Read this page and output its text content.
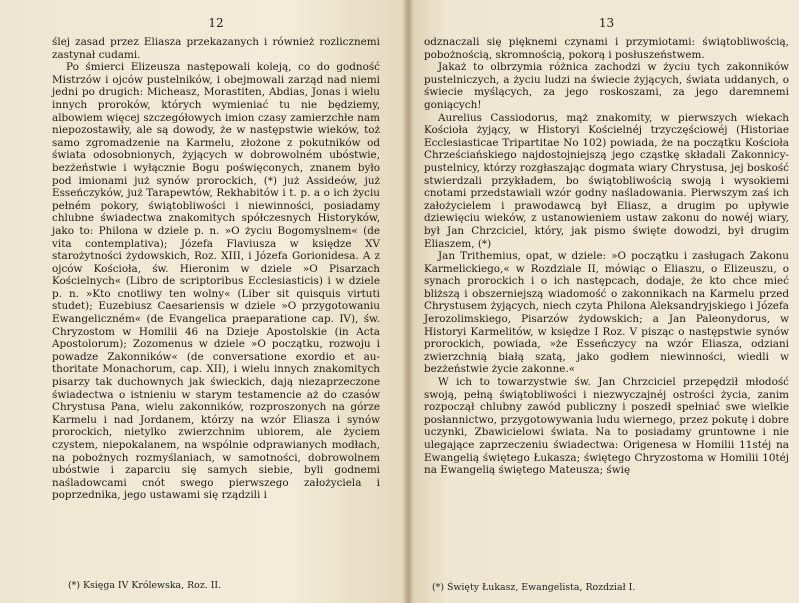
12

ślej zasad przez Eliasza przekazanych i również rozlicznemi zastynał cudami.

Po śmierci Elizeusza następowali koleją, co do godność Mistrzów i ojców pustelników, i obejmowali zarząd nad niemi jedni po drugich: Micheasz, Morastiten, Abdias, Jonas i wielu innych proroków, których wymieniać tu nie będziemy, albowiem więcej szczegółowych imion czasy zamierzchłe nam niepozostawiły, ale są dowody, że w następstwie wieków, toż samo zgromadzenie na Karmelu, złożone z pokutników od świata odosobnionych, żyjących w dobrowolném ubóstwie, bezżeństwie i wyłącznie Bogu poświęconych, znanem było pod imionami już synów prorockich, (*) już Assideów, już Esseńczyków, już Tarapewtów, Rekhabitów i t. p. a o ich życiu pełném pokory, świątobliwości i niewinności, posiadamy chlubne świadectwa znakomitych spółczesnych Historyków, jako to: Philona w dziele p. n. »O życiu Bogomyslnem« (de vita contemplativa); Józefa Flaviusza w księdze XV starożytności żydowskich, Roz. XIII, i Józefa Gorionidesa. A z ojców Kościoła, św. Hieronim w dziele »O Pisarzach Kościelnych« (Libro de scriptoribus Ecclesiasticis) i w dziele p. n. »Kto cnotliwy ten wolny« (Liber sit quisquis virtuti studet); Euzebiusz Caesariensis w dziele »O przygotowaniu Ewangeliczném« (de Evangelica praeparatione cap. IV), św. Chryzostom w Homilii 46 na Dzieje Apostolskie (in Acta Apostolorum); Zozomenus w dziele »O początku, rozwoju i powadze Zakonników« (de conversatione exordio et authoritate Monachorum, cap. XII), i wielu innych znakomitych pisarzy tak duchownych jak świeckich, dają niezaprzeczone świadectwa o istnieniu w starym testamencie aż do czasów Chrystusa Pana, wielu zakonników, rozproszonych na górze Karmelu i nad Jordanem, którzy na wzór Eliasza i synów prorockich, nietylko zwierzchnim ubiorem, ale życiem czystem, niepokalanem, na wspólnie odprawianych modłach, na pobożnych rozmyślaniach, w samotności, dobrowolnem ubóstwie i zaparciu się samych siebie, byli godnemi naśladowcami cnót swego pierwszego założyciela i poprzednika, jego ustawami się rządzili i

(*) Księga IV Królewska, Roz. II.
13

odznaczali się pięknemi czynami i przymiotami: świątobliwością, pobożnością, skromnością, pokorą i posłuszeństwem.

Jakaż to olbrzymia różnica zachodzi w życiu tych zakonników pustelniczych, a życiu ludzi na świecie żyjących, świata uddanych, o świecie myślących, za jego roskoszami, za jego daremnemi goniących!

Aurelius Cassiodorus, mąż znakomity, w pierwszych wiekach Kościoła żyjący, w Historyi Kościelnéj trzyczęściowéj (Historiae Ecclesiasticae Tripartitae No 102) powiada, że na początku Kościoła Chrześciańskiego najdostojniejszą jego cząstkę składali Zakonnicy-pustelnicy, którzy rozgłaszając dogmata wiary Chrystusa, jej boskość stwierdzali przykładem, bo świątobliwością swoją i wysokiemi cnotami przedstawiali wzór godny naśladowania. Pierwszym zaś ich założycielem i prawodawcą był Eliasz, a drugim po upływie dziewięciu wieków, z ustanowieniem ustaw zakonu do nowéj wiary, był Jan Chrzciciel, który, jak pismo święte dowodzi, był drugim Eliaszem, (*)

Jan Trithemius, opat, w dziele: »O początku i zasługach Zakonu Karmelickiego,« w Rozdziale II, mówiąc o Eliaszu, o Elizeuszu, o synach prorockich i o ich następcach, dodaje, że kto chce mieć bliższą i obszerniejszą wiadomość o zakonnikach na Karmelu przed Chrystusem żyjących, niech czyta Philona Aleksandryjskiego i Józefa Jerozolimskiego, Pisarzów żydowskich; a Jan Paleonydorus, w Historyi Karmelitów, w księdze I Roz. V pisząc o następstwie synów prorockich, powiada, »że Esseńczycy na wzór Eliasza, odziani zwierzchnią białą szatą, jako godłem niewinności, wiedli w bezżeństwie życie zakonne.«

W ich to towarzystwie św. Jan Chrzciciel przepędził młodość swoją, pełną świątobliwości i niezwyczajnéj ostrości życia, zanim rozpoczął chlubny zawód publiczny i poszedł spełniać swe wielkie posłannictwo, przygotowywania ludu wiernego, przez pokutę i dobre uczynki, Zbawicielowi świata. Na to posiadamy gruntowne i nie ulegające zaprzeczeniu świadectwa: Origenesa w Homilii 11stéj na Ewangelią świętego Łukasza; świętego Chryzostoma w Homilii 10téj na Ewangelią świętego Mateusza; świę

(*) Święty Łukasz, Ewangelista, Rozdział I.
